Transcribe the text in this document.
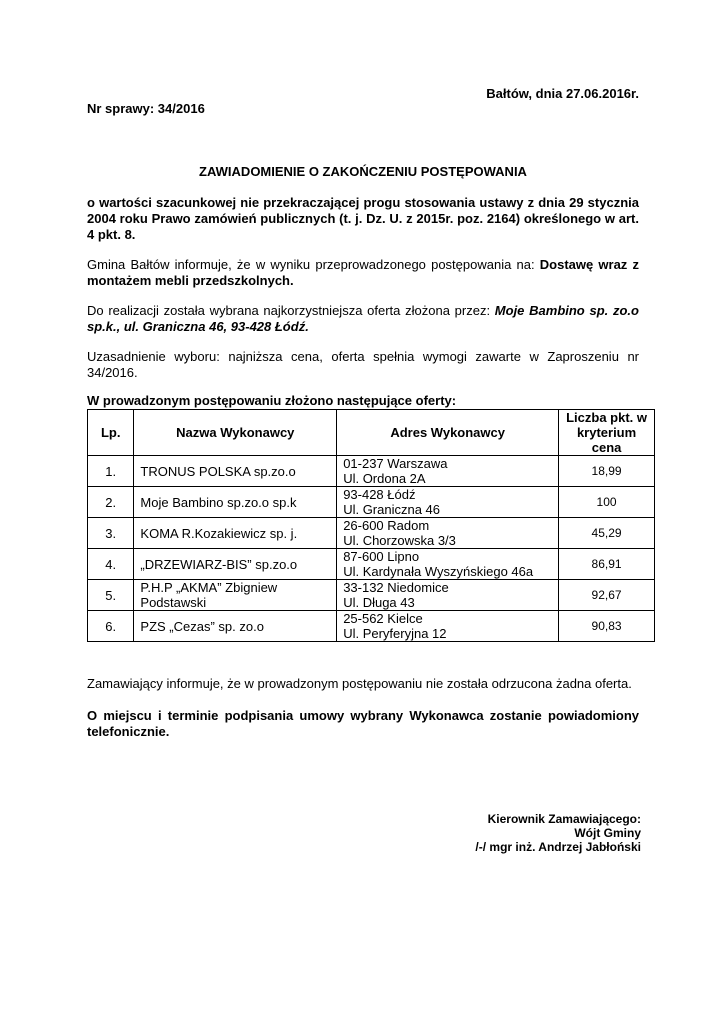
Bałtów, dnia 27.06.2016r.
Nr sprawy: 34/2016
ZAWIADOMIENIE O ZAKOŃCZENIU POSTĘPOWANIA
o wartości szacunkowej nie przekraczającej progu stosowania ustawy z dnia 29 stycznia 2004 roku Prawo zamówień publicznych (t. j. Dz. U. z 2015r. poz. 2164) określonego w art. 4 pkt. 8.
Gmina Bałtów informuje, że w wyniku przeprowadzonego postępowania na: Dostawę wraz z montażem mebli przedszkolnych.
Do realizacji została wybrana najkorzystniejsza oferta złożona przez: Moje Bambino sp. zo.o sp.k., ul. Graniczna 46, 93-428 Łódź.
Uzasadnienie wyboru: najniższa cena, oferta spełnia wymogi zawarte w Zaproszeniu nr 34/2016.
W prowadzonym postępowaniu złożono następujące oferty:
Lp.	Nazwa Wykonawcy	Adres Wykonawcy	Liczba pkt. w kryterium cena
1.	TRONUS POLSKA sp.zo.o	01-237 Warszawa
Ul. Ordona 2A	18,99
2.	Moje Bambino sp.zo.o sp.k	93-428 Łódź
Ul. Graniczna 46	100
3.	KOMA R.Kozakiewicz sp. j.	26-600 Radom
Ul. Chorzowska 3/3	45,29
4.	„DRZEWIARZ-BIS” sp.zo.o	87-600 Lipno
Ul. Kardynała Wyszyńskiego 46a	86,91
5.	P.H.P „AKMA” Zbigniew Podstawski	33-132 Niedomice
Ul. Długa 43	92,67
6.	PZS „Cezas” sp. zo.o	25-562 Kielce
Ul. Peryferyjna 12	90,83
Zamawiający informuje, że w prowadzonym postępowaniu nie została odrzucona żadna oferta.
O miejscu i terminie podpisania umowy wybrany Wykonawca zostanie powiadomiony telefonicznie.
Kierownik Zamawiającego:
Wójt Gminy
/-/ mgr inż. Andrzej Jabłoński
